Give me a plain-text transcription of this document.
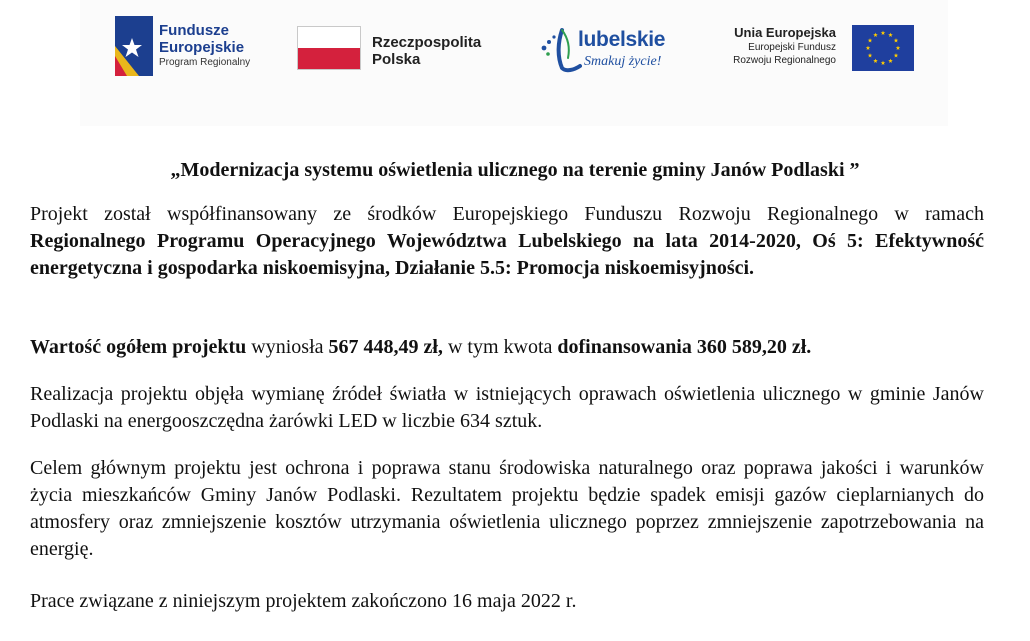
Fundusze
Europejskie
Program Regionalny
Rzeczpospolita
Polska
lubelskie
Smakuj życie!
Unia Europejska
Europejski Fundusz
Rozwoju Regionalnego
„Modernizacja systemu oświetlenia ulicznego na terenie gminy Janów Podlaski ”
Projekt został współfinansowany ze środków Europejskiego Funduszu Rozwoju Regionalnego w ramach Regionalnego Programu Operacyjnego Województwa Lubelskiego na lata 2014-2020, Oś 5: Efektywność energetyczna i gospodarka niskoemisyjna, Działanie 5.5: Promocja niskoemisyjności.
Wartość ogółem projektu wyniosła 567 448,49 zł, w tym kwota dofinansowania 360 589,20 zł.
Realizacja projektu objęła wymianę źródeł światła w istniejących oprawach oświetlenia ulicznego w gminie Janów Podlaski na energooszczędna żarówki LED w liczbie 634 sztuk.
Celem głównym projektu jest ochrona i poprawa stanu środowiska naturalnego oraz poprawa jakości i warunków życia mieszkańców Gminy Janów Podlaski. Rezultatem projektu będzie spadek emisji gazów cieplarnianych do atmosfery oraz zmniejszenie kosztów utrzymania oświetlenia ulicznego poprzez zmniejszenie zapotrzebowania na energię.
Prace związane z niniejszym projektem zakończono 16 maja 2022 r.
